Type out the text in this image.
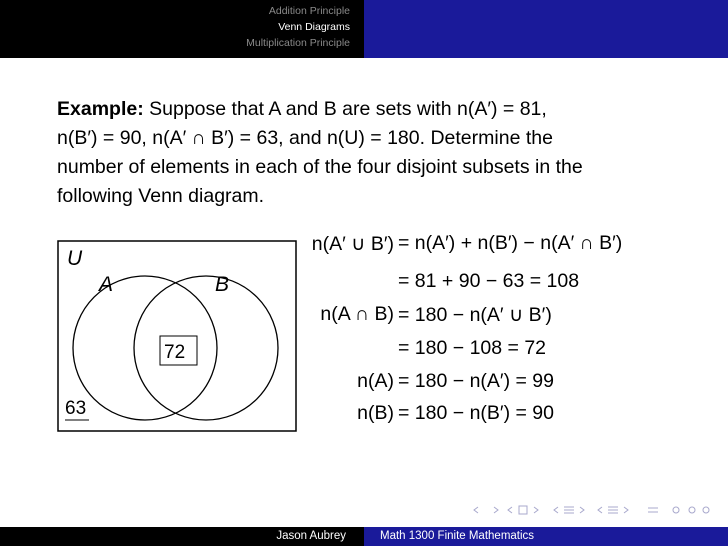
Addition Principle
Venn Diagrams
Multiplication Principle
Example: Suppose that A and B are sets with n(A′) = 81,
n(B′) = 90, n(A′ ∩ B′) = 63, and n(U) = 180. Determine the
number of elements in each of the four disjoint subsets in the
following Venn diagram.
U
A	B
72
63
n(A′ ∪ B′) = n(A′) + n(B′) − n(A′ ∩ B′)
= 81 + 90 − 63 = 108
n(A ∩ B) = 180 − n(A′ ∪ B′)
= 180 − 108 = 72
n(A) = 180 − n(A′) = 99
n(B) = 180 − n(B′) = 90
Jason Aubrey	Math 1300 Finite Mathematics
